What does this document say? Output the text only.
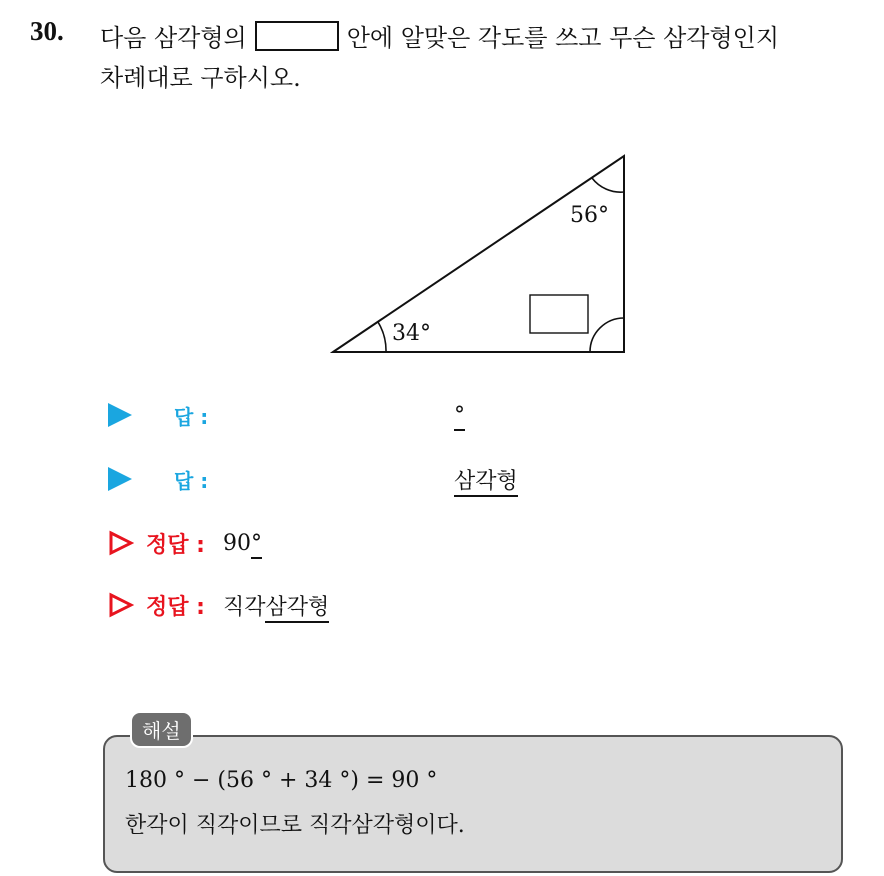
30. 다음 삼각형의	안에 알맞은 각도를 쓰고 무슨 삼각형인지
차례대로 구하시오.
56°
34°
답 :	°
답 :	삼각형
정답 : 90°
정답 : 직각삼각형
해설
180 ° − (56 ° + 34 °) = 90 °
한각이 직각이므로 직각삼각형이다.
